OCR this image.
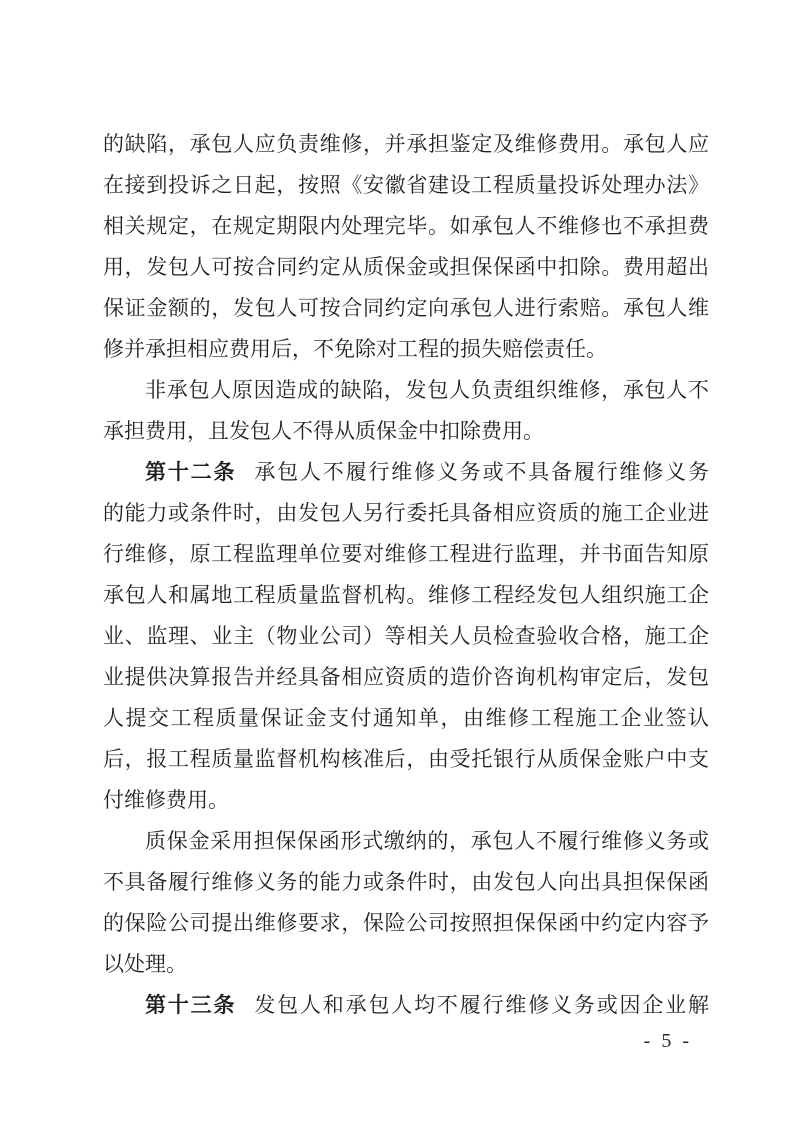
的缺陷，承包人应负责维修，并承担鉴定及维修费用。承包人应
在接到投诉之日起，按照《安徽省建设工程质量投诉处理办法》
相关规定，在规定期限内处理完毕。如承包人不维修也不承担费
用，发包人可按合同约定从质保金或担保保函中扣除。费用超出
保证金额的，发包人可按合同约定向承包人进行索赔。承包人维
修并承担相应费用后，不免除对工程的损失赔偿责任。
非承包人原因造成的缺陷，发包人负责组织维修，承包人不
承担费用，且发包人不得从质保金中扣除费用。
第十二条 承包人不履行维修义务或不具备履行维修义务
的能力或条件时，由发包人另行委托具备相应资质的施工企业进
行维修，原工程监理单位要对维修工程进行监理，并书面告知原
承包人和属地工程质量监督机构。维修工程经发包人组织施工企
业、监理、业主（物业公司）等相关人员检查验收合格，施工企
业提供决算报告并经具备相应资质的造价咨询机构审定后，发包
人提交工程质量保证金支付通知单，由维修工程施工企业签认
后，报工程质量监督机构核准后，由受托银行从质保金账户中支
付维修费用。
质保金采用担保保函形式缴纳的，承包人不履行维修义务或
不具备履行维修义务的能力或条件时，由发包人向出具担保保函
的保险公司提出维修要求，保险公司按照担保保函中约定内容予
以处理。
第十三条 发包人和承包人均不履行维修义务或因企业解
- 5 -
